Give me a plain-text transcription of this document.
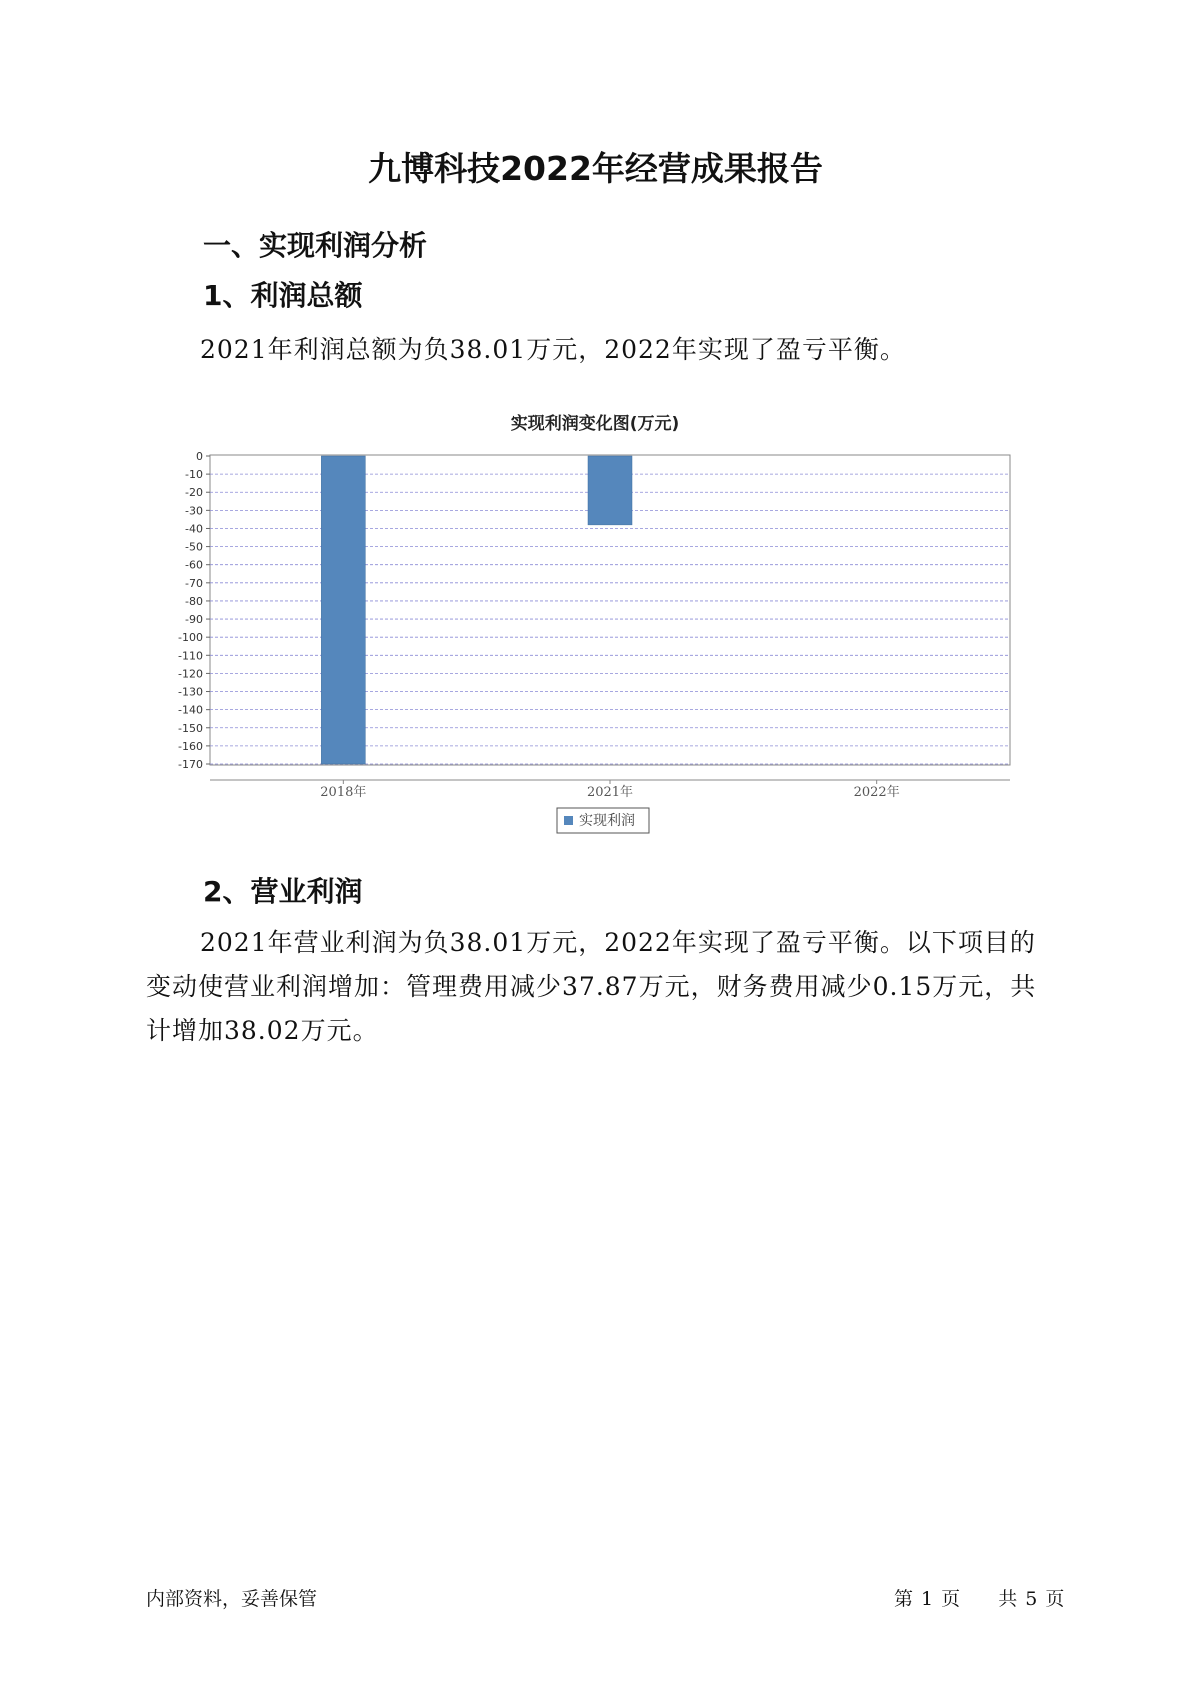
九博科技2022年经营成果报告
一、实现利润分析
1、利润总额

2021年利润总额为负38.01万元，2022年实现了盈亏平衡。

实现利润变化图(万元)
0
-10
-20
-30
-40
-50
-60
-70
-80
-90
-100
-110
-120
-130
-140
-150
-160
-170
2018年	2021年	2022年
实现利润
2、营业利润

2021年营业利润为负38.01万元，2022年实现了盈亏平衡。以下项目的变动使营业利润增加：管理费用减少37.87万元，财务费用减少0.15万元，共计增加38.02万元。

内部资料，妥善保管	第 1 页 共 5 页
